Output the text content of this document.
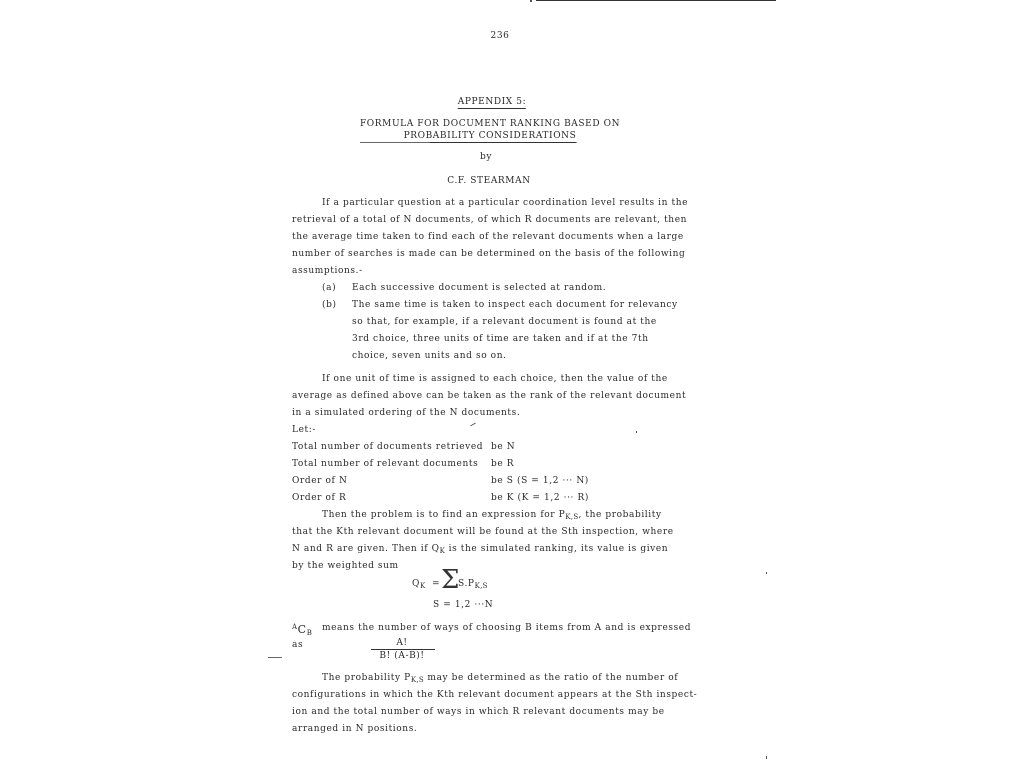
236
APPENDIX 5:
FORMULA FOR DOCUMENT RANKING BASED ON
PROBABILITY CONSIDERATIONS
by
C.F. STEARMAN
If a particular question at a particular coordination level results in the
retrieval of a total of N documents, of which R documents are relevant, then
the average time taken to find each of the relevant documents when a large
number of searches is made can be determined on the basis of the following
assumptions.-
(a) Each successive document is selected at random.
(b) The same time is taken to inspect each document for relevancy
so that, for example, if a relevant document is found at the
3rd choice, three units of time are taken and if at the 7th
choice, seven units and so on.
If one unit of time is assigned to each choice, then the value of the
average as defined above can be taken as the rank of the relevant document
in a simulated ordering of the N documents.
Let:-
Total number of documents retrieved be N
Total number of relevant documents be R
Order of N	be S (S = 1,2 ··· N)
Order of R	be K (K = 1,2 ··· R)
Then the problem is to find an expression for $P_{K,S}$, the probability
that the Kth relevant document will be found at the Sth inspection, where
N and R are given. Then if $Q_K$ is the simulated ranking, its value is given
by the weighted sum
$Q_K = \Sigma$
$S.P_{K,S}$
S = 1,2 ···N
$^AC_B$ means the number of ways of choosing B items from A and is expressed
as	A!
B! (A-B)!
The probability $P_{K,S}$ may be determined as the ratio of the number of
configurations in which the Kth relevant document appears at the Sth inspect-
ion and the total number of ways in which R relevant documents may be
arranged in N positions.
